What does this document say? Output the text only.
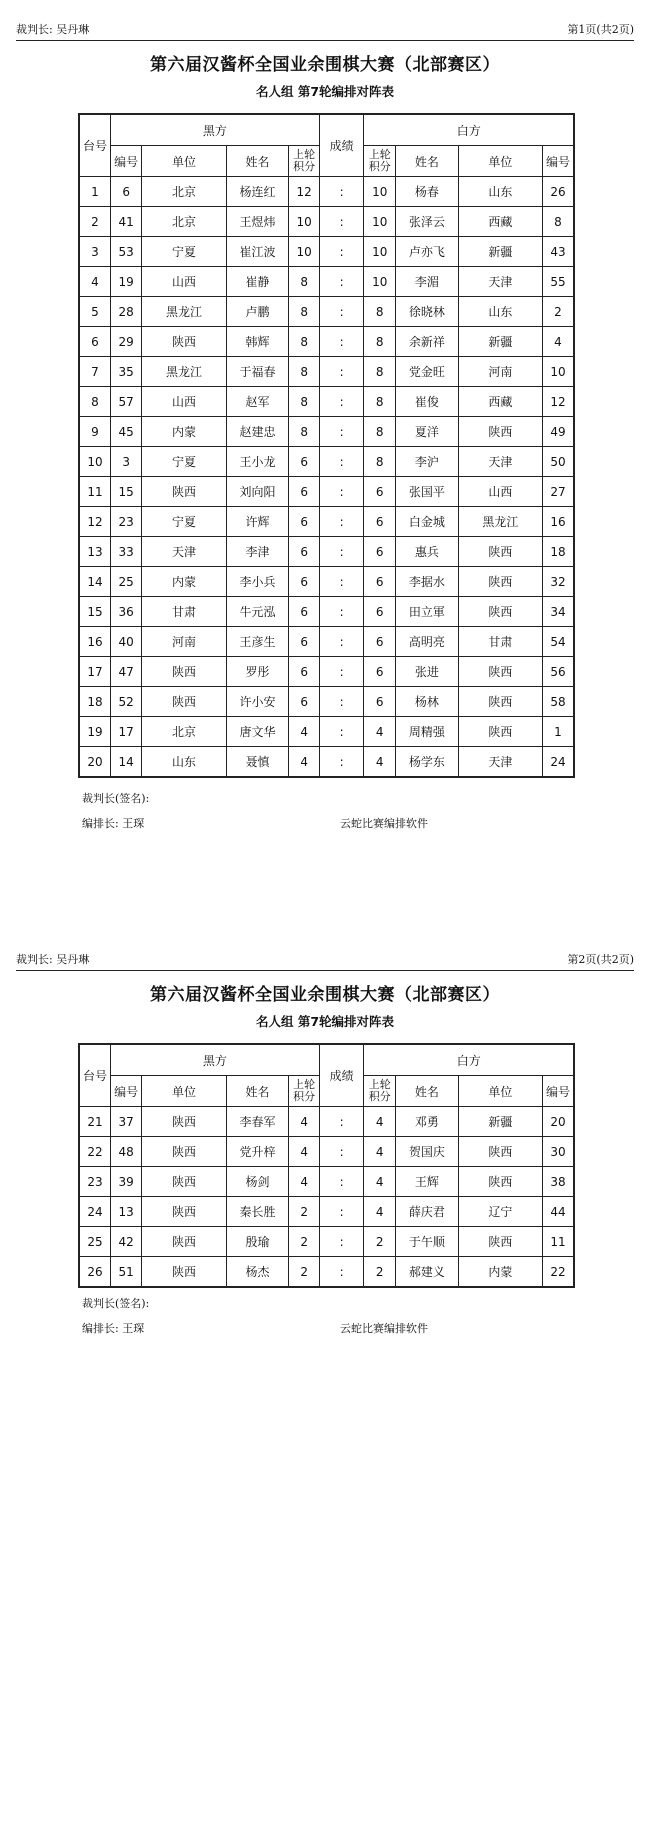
裁判长: 吴丹琳	第1页(共2页)
第六届汉酱杯全国业余围棋大赛（北部赛区）
名人组 第7轮编排对阵表
台号	黑方				成绩	白方			
	编号	单位	姓名	上轮积分		上轮积分	姓名	单位	编号
1	6	北京	杨连红	12	:	10	杨春	山东	26
2	41	北京	王煜炜	10	:	10	张泽云	西藏	8
3	53	宁夏	崔江波	10	:	10	卢亦飞	新疆	43
4	19	山西	崔静	8	:	10	李湄	天津	55
5	28	黑龙江	卢鹏	8	:	8	徐晓林	山东	2
6	29	陕西	韩辉	8	:	8	余新祥	新疆	4
7	35	黑龙江	于福春	8	:	8	党金旺	河南	10
8	57	山西	赵军	8	:	8	崔俊	西藏	12
9	45	内蒙	赵建忠	8	:	8	夏洋	陕西	49
10	3	宁夏	王小龙	6	:	8	李沪	天津	50
11	15	陕西	刘向阳	6	:	6	张国平	山西	27
12	23	宁夏	许辉	6	:	6	白金城	黑龙江	16
13	33	天津	李津	6	:	6	惠兵	陕西	18
14	25	内蒙	李小兵	6	:	6	李据水	陕西	32
15	36	甘肃	牛元泓	6	:	6	田立軍	陕西	34
16	40	河南	王彦生	6	:	6	高明亮	甘肃	54
17	47	陕西	罗彤	6	:	6	张进	陕西	56
18	52	陕西	许小安	6	:	6	杨林	陕西	58
19	17	北京	唐文华	4	:	4	周精强	陕西	1
20	14	山东	聂慎	4	:	4	杨学东	天津	24
裁判长(签名):
编排长: 王琛	云蛇比赛编排软件
裁判长: 吴丹琳	第2页(共2页)
第六届汉酱杯全国业余围棋大赛（北部赛区）
名人组 第7轮编排对阵表
台号	黑方				成绩	白方			
	编号	单位	姓名	上轮积分		上轮积分	姓名	单位	编号
21	37	陕西	李春军	4	:	4	邓勇	新疆	20
22	48	陕西	党升梓	4	:	4	贺国庆	陕西	30
23	39	陕西	杨剑	4	:	4	王辉	陕西	38
24	13	陕西	秦长胜	2	:	4	薛庆君	辽宁	44
25	42	陕西	殷瑜	2	:	2	于午顺	陕西	11
26	51	陕西	杨杰	2	:	2	郝建义	内蒙	22
裁判长(签名):
编排长: 王琛	云蛇比赛编排软件
